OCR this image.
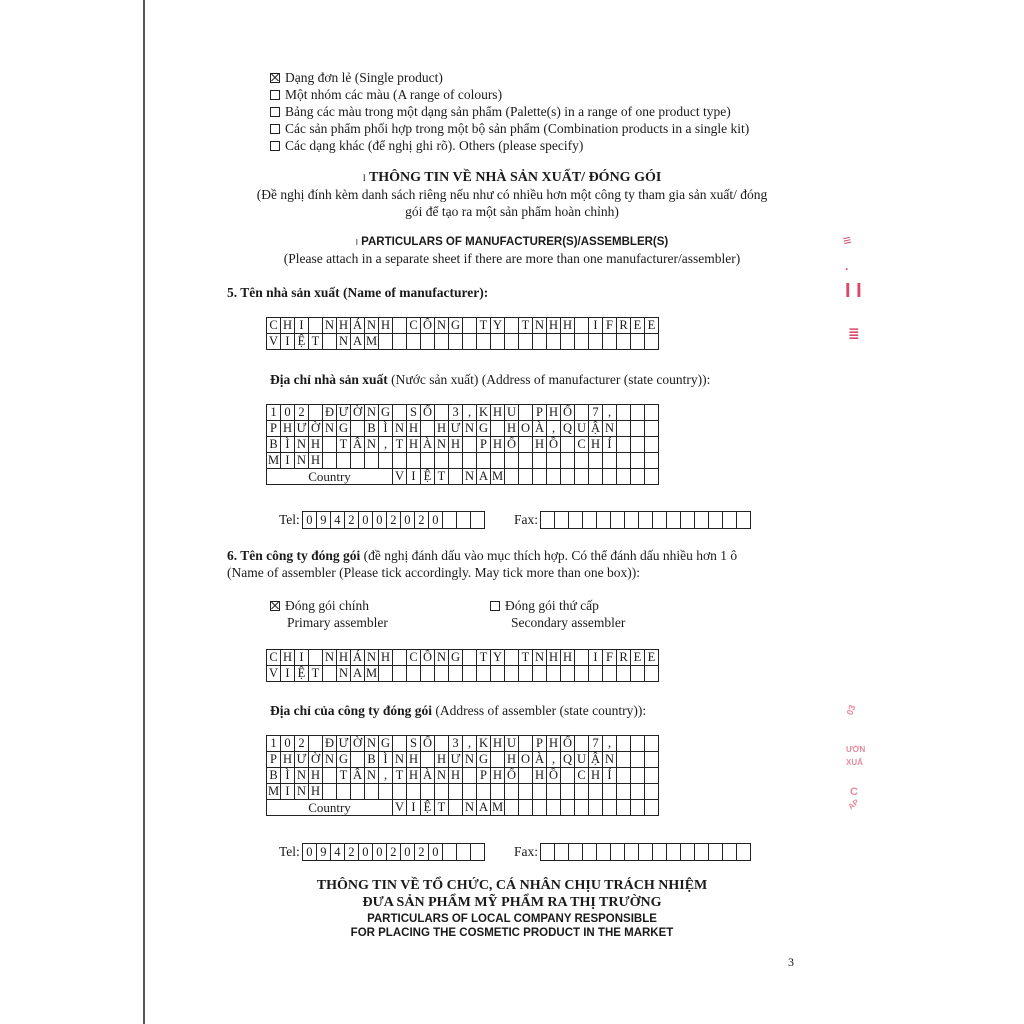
Dạng đơn lẻ (Single product)
Một nhóm các màu (A range of colours)
Bảng các màu trong một dạng sản phẩm (Palette(s) in a range of one product type)
Các sản phẩm phối hợp trong một bộ sản phẩm (Combination products in a single kit)
Các dạng khác (để nghị ghi rõ). Others (please specify)
I THÔNG TIN VỀ NHÀ SẢN XUẤT/ ĐÓNG GÓI
(Đề nghị đính kèm danh sách riêng nếu như có nhiều hơn một công ty tham gia sản xuất/ đóng
gói để tạo ra một sản phẩm hoàn chỉnh)
I PARTICULARS OF MANUFACTURER(S)/ASSEMBLER(S)
(Please attach in a separate sheet if there are more than one manufacturer/assembler)
5. Tên nhà sản xuất (Name of manufacturer):
C	H	I		N	H	Á	N	H		C	Ô	N	G		T	Y		T	N	H	H		I	F	R	E	E
V	I	Ệ	T		N	A	M																				
Địa chỉ nhà sản xuất (Nước sản xuất) (Address of manufacturer (state country)):
1	0	2		Đ	Ư	Ờ	N	G		S	Ố		3	,	K	H	U		P	H	Ố		7	,			
P	H	Ư	Ờ	N	G		B	Ì	N	H		H	Ư	N	G		H	O	À	,	Q	U	Ậ	N			
B	Ì	N	H		T	Â	N	,	T	H	À	N	H		P	H	Ố		H	Ồ		C	H	Í			
M	I	N	H																								
Country									V	I	Ệ	T		N	A	M											
Tel: 0 9 4 2 0 0 2 0 2 0	Fax:
6. Tên công ty đóng gói (đề nghị đánh dấu vào mục thích hợp. Có thể đánh dấu nhiều hơn 1 ô
(Name of assembler (Please tick accordingly. May tick more than one box)):
Đóng gói chính
Primary assembler
Đóng gói thứ cấp
Secondary assembler
C	H	I		N	H	Á	N	H		C	Ô	N	G		T	Y		T	N	H	H		I	F	R	E	E
V	I	Ệ	T		N	A	M																				
Địa chỉ của công ty đóng gói (Address of assembler (state country)):
1	0	2		Đ	Ư	Ờ	N	G		S	Ố		3	,	K	H	U		P	H	Ố		7	,			
P	H	Ư	Ờ	N	G		B	Ì	N	H		H	Ư	N	G		H	O	À	,	Q	U	Ậ	N			
B	Ì	N	H		T	Â	N	,	T	H	À	N	H		P	H	Ố		H	Ồ		C	H	Í			
M	I	N	H																								
Country									V	I	Ệ	T		N	A	M											
Tel: 0 9 4 2 0 0 2 0 2 0	Fax:
THÔNG TIN VỀ TỔ CHỨC, CÁ NHÂN CHỊU TRÁCH NHIỆM
ĐƯA SẢN PHẨM MỸ PHẨM RA THỊ TRƯỜNG
PARTICULARS OF LOCAL COMPANY RESPONSIBLE
FOR PLACING THE COSMETIC PRODUCT IN THE MARKET
3
≡
·
I I
≣
03
ƯỜN
XUẤ
C
AP
